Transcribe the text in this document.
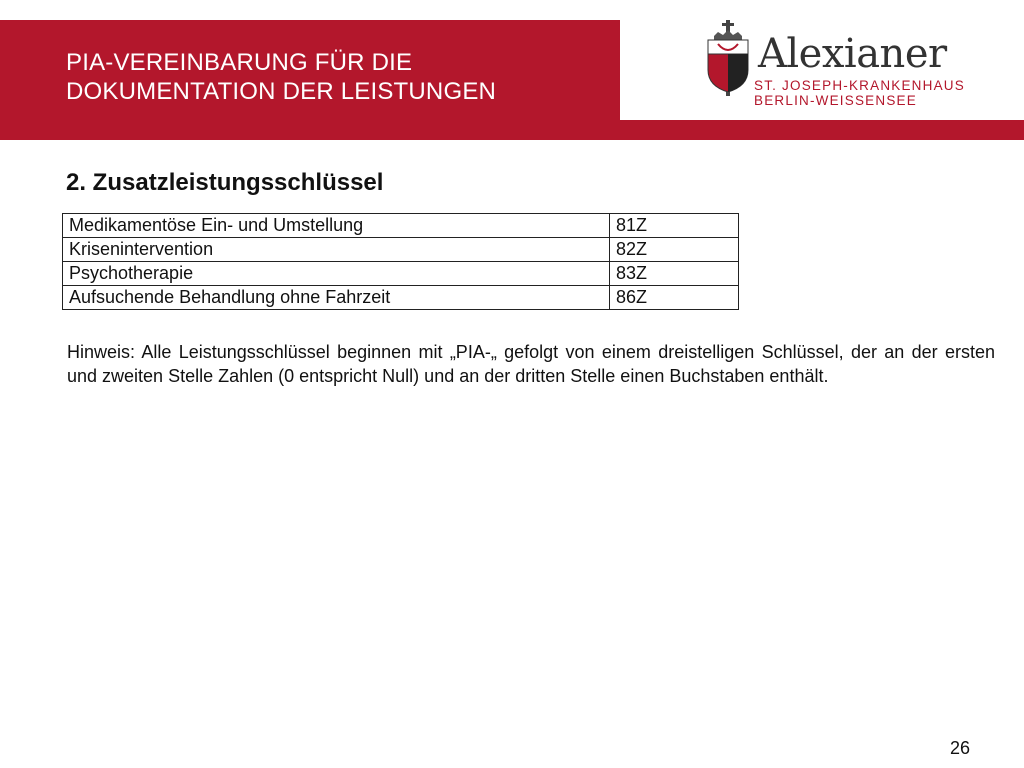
PIA-VEREINBARUNG FÜR DIE
DOKUMENTATION DER LEISTUNGEN
Alexianer
ST. JOSEPH-KRANKENHAUS
BERLIN-WEISSENSEE
2. Zusatzleistungsschlüssel
Medikamentöse Ein- und Umstellung	81Z
Krisenintervention	82Z
Psychotherapie	83Z
Aufsuchende Behandlung ohne Fahrzeit	86Z
Hinweis: Alle Leistungsschlüssel beginnen mit „PIA-„ gefolgt von einem dreistelligen Schlüssel, der an der ersten und zweiten Stelle Zahlen (0 entspricht Null) und an der dritten Stelle einen Buchstaben enthält.
26
